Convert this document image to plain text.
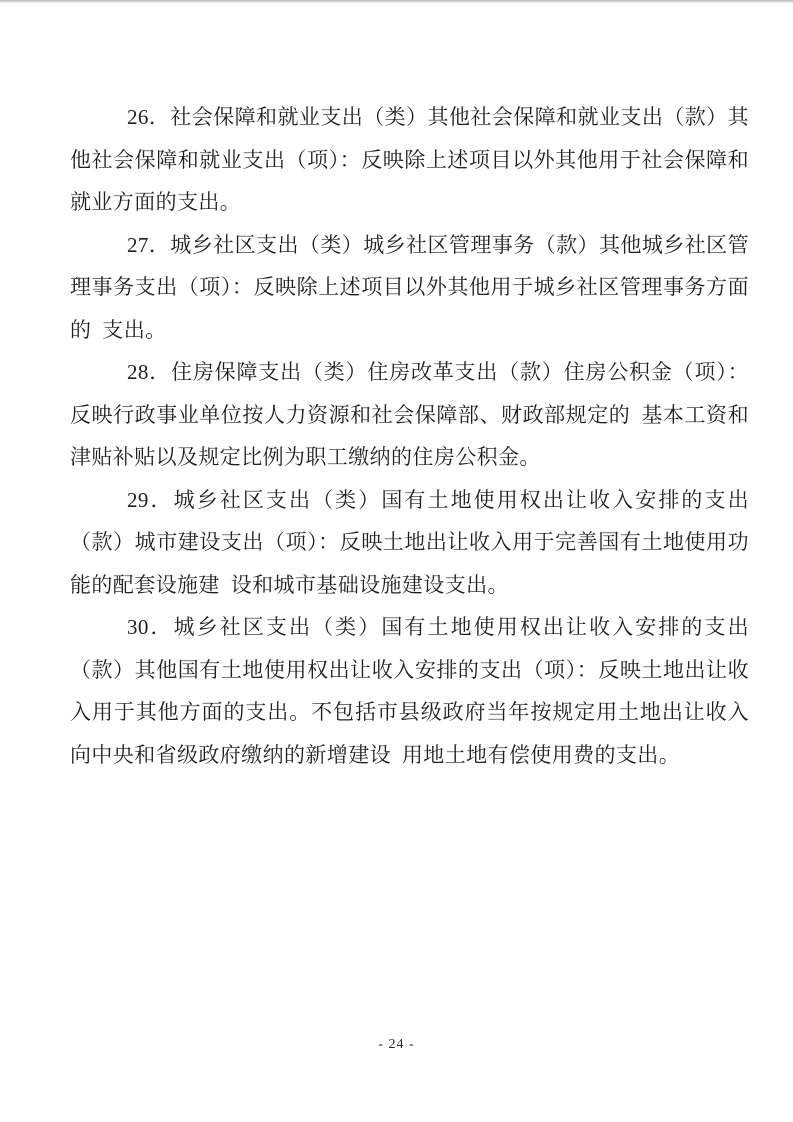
26．社会保障和就业支出（类）其他社会保障和就业支出（款）其他社会保障和就业支出（项）：反映除上述项目以外其他用于社会保障和就业方面的支出。

27．城乡社区支出（类）城乡社区管理事务（款）其他城乡社区管理事务支出（项）：反映除上述项目以外其他用于城乡社区管理事务方面的 支出。

28．住房保障支出（类）住房改革支出（款）住房公积金（项）：反映行政事业单位按人力资源和社会保障部、财政部规定的 基本工资和津贴补贴以及规定比例为职工缴纳的住房公积金。

29．城乡社区支出（类）国有土地使用权出让收入安排的支出（款）城市建设支出（项）：反映土地出让收入用于完善国有土地使用功能的配套设施建 设和城市基础设施建设支出。

30．城乡社区支出（类）国有土地使用权出让收入安排的支出（款）其他国有土地使用权出让收入安排的支出（项）：反映土地出让收入用于其他方面的支出。不包括市县级政府当年按规定用土地出让收入向中央和省级政府缴纳的新增建设 用地土地有偿使用费的支出。

- 24 -
